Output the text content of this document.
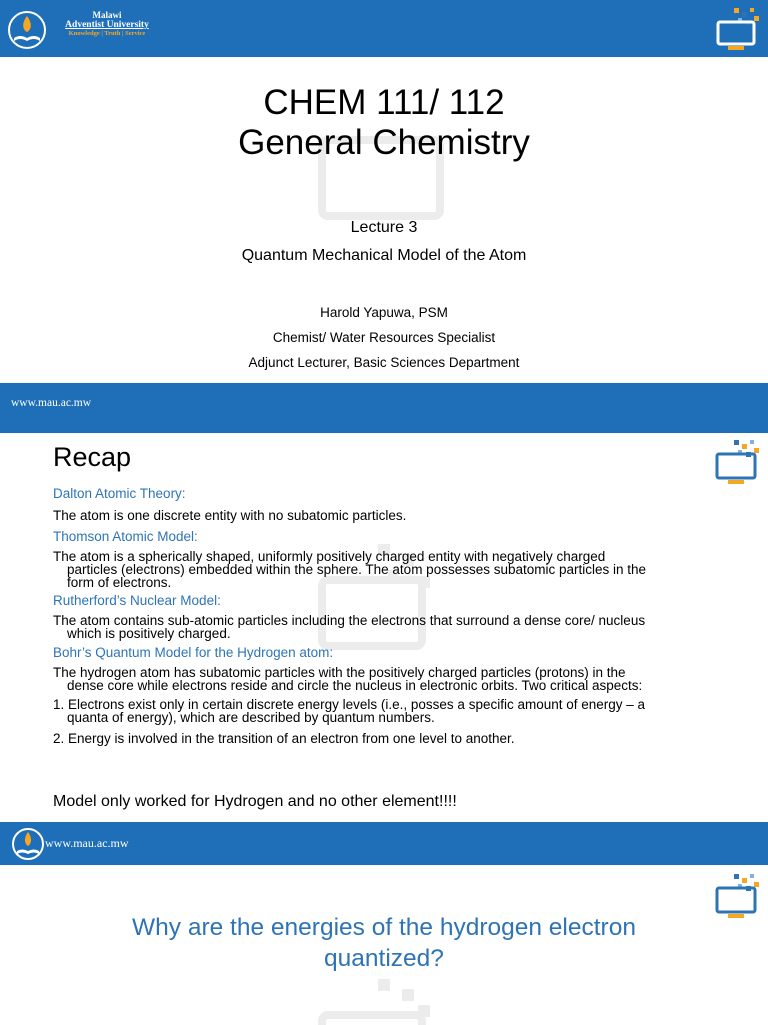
Malawi
Adventist University
Knowledge | Truth | Service
CHEM 111/ 112
General Chemistry
Lecture 3
Quantum Mechanical Model of the Atom
Harold Yapuwa, PSM
Chemist/ Water Resources Specialist
Adjunct Lecturer, Basic Sciences Department
www.mau.ac.mw
Recap
Dalton Atomic Theory:
The atom is one discrete entity with no subatomic particles.
Thomson Atomic Model:
The atom is a spherically shaped, uniformly positively charged entity with negatively charged
particles (electrons) embedded within the sphere. The atom possesses subatomic particles in the
form of electrons.
Rutherford’s Nuclear Model:
The atom contains sub-atomic particles including the electrons that surround a dense core/ nucleus
which is positively charged.
Bohr’s Quantum Model for the Hydrogen atom:
The hydrogen atom has subatomic particles with the positively charged particles (protons) in the
dense core while electrons reside and circle the nucleus in electronic orbits. Two critical aspects:
1. Electrons exist only in certain discrete energy levels (i.e., posses a specific amount of energy – a
quanta of energy), which are described by quantum numbers.
2. Energy is involved in the transition of an electron from one level to another.
Model only worked for Hydrogen and no other element!!!!
www.mau.ac.mw
Why are the energies of the hydrogen electron
quantized?
